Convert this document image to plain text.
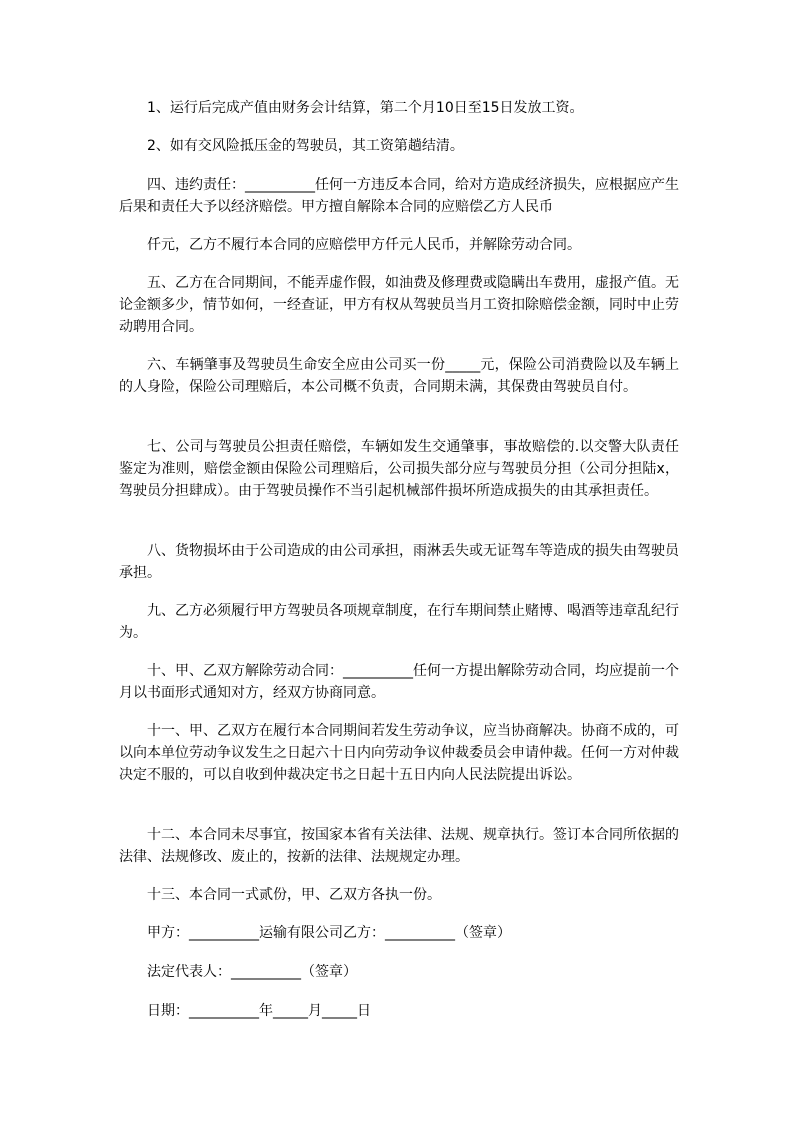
1、运行后完成产值由财务会计结算，第二个月10日至15日发放工资。

2、如有交风险抵压金的驾驶员，其工资第趟结清。

四、违约责任：__________任何一方违反本合同，给对方造成经济损失，应根据应产生后果和责任大予以经济赔偿。甲方擅自解除本合同的应赔偿乙方人民币

仟元，乙方不履行本合同的应赔偿甲方仟元人民币，并解除劳动合同。

五、乙方在合同期间，不能弄虚作假，如油费及修理费或隐瞒出车费用，虚报产值。无论金额多少，情节如何，一经查证，甲方有权从驾驶员当月工资扣除赔偿金额，同时中止劳动聘用合同。

六、车辆肇事及驾驶员生命安全应由公司买一份_____元，保险公司消费险以及车辆上的人身险，保险公司理赔后，本公司概不负责，合同期未满，其保费由驾驶员自付。

七、公司与驾驶员公担责任赔偿，车辆如发生交通肇事，事故赔偿的.以交警大队责任鉴定为准则，赔偿金额由保险公司理赔后，公司损失部分应与驾驶员分担（公司分担陆x，驾驶员分担肆成）。由于驾驶员操作不当引起机械部件损坏所造成损失的由其承担责任。

八、货物损坏由于公司造成的由公司承担，雨淋丢失或无证驾车等造成的损失由驾驶员承担。

九、乙方必须履行甲方驾驶员各项规章制度，在行车期间禁止赌博、喝酒等违章乱纪行为。

十、甲、乙双方解除劳动合同：__________任何一方提出解除劳动合同，均应提前一个月以书面形式通知对方，经双方协商同意。

十一、甲、乙双方在履行本合同期间若发生劳动争议，应当协商解决。协商不成的，可以向本单位劳动争议发生之日起六十日内向劳动争议仲裁委员会申请仲裁。任何一方对仲裁决定不服的，可以自收到仲裁决定书之日起十五日内向人民法院提出诉讼。

十二、本合同未尽事宜，按国家本省有关法律、法规、规章执行。签订本合同所依据的法律、法规修改、废止的，按新的法律、法规规定办理。

十三、本合同一式贰份，甲、乙双方各执一份。

甲方：__________运输有限公司乙方：__________（签章）

法定代表人：__________（签章）

日期：__________年_____月_____日
